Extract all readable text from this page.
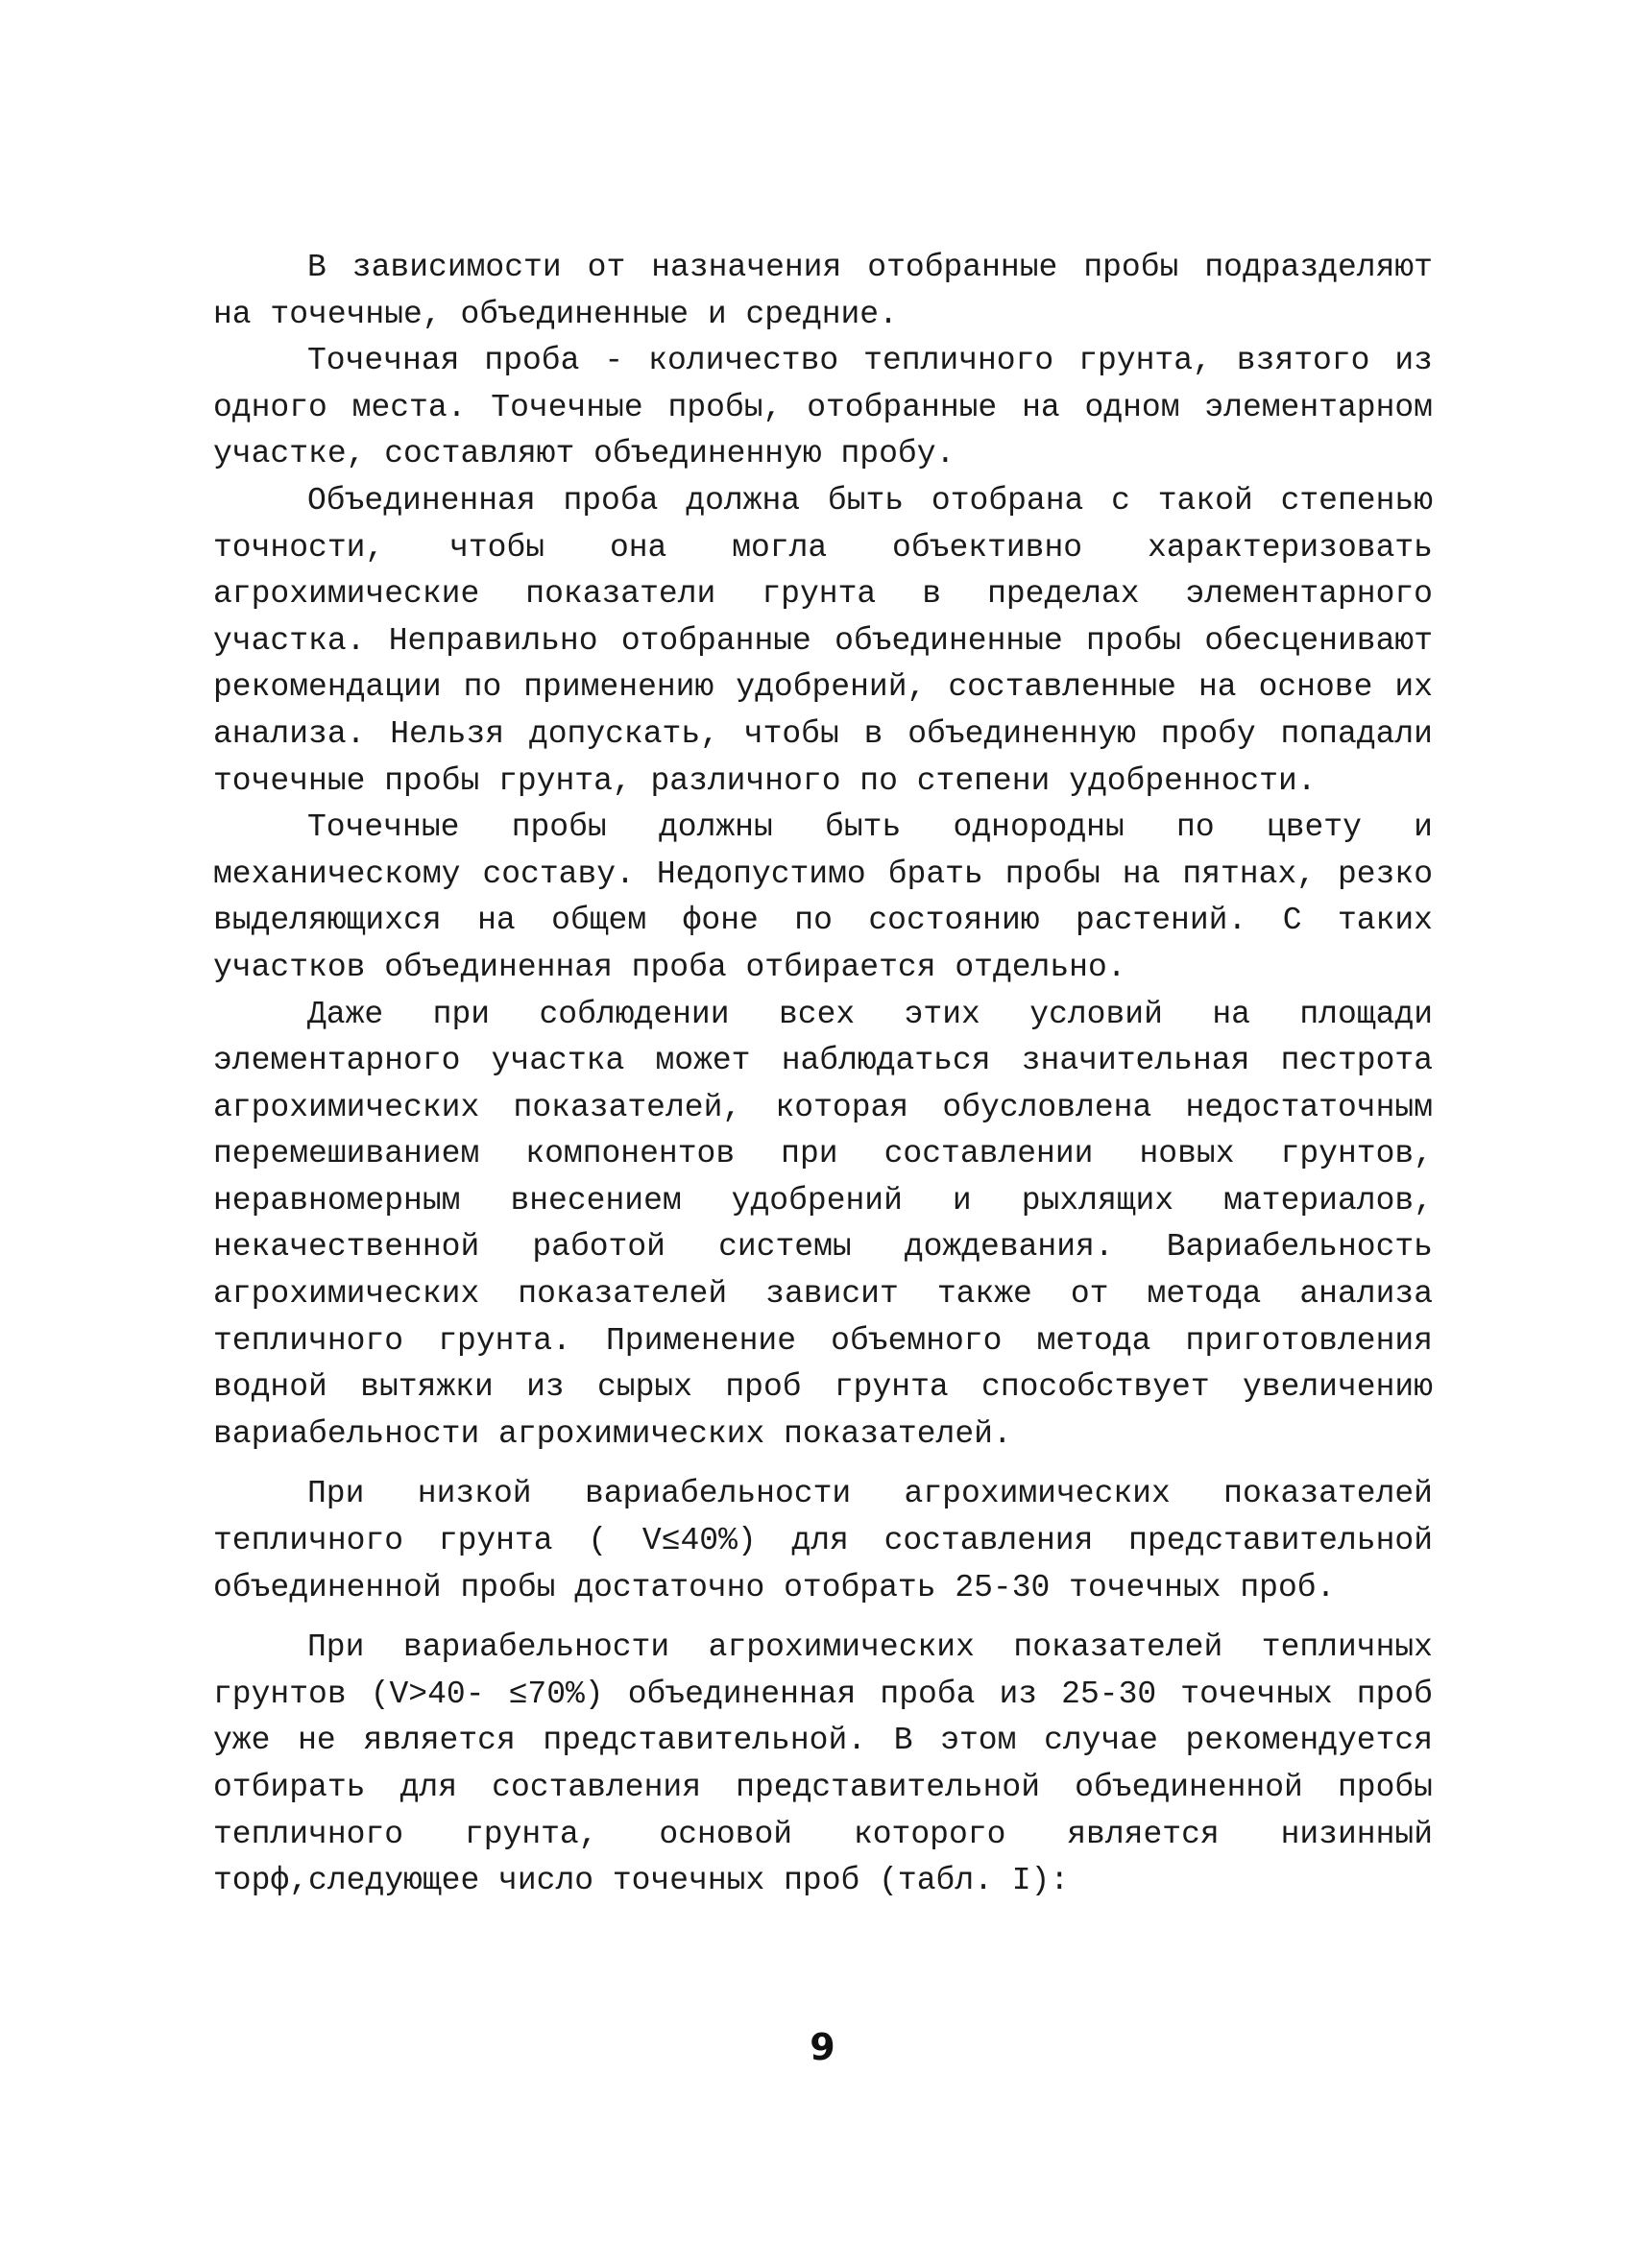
В зависимости от назначения отобранные пробы подразделяют на точечные, объединенные и средние.

Точечная проба - количество тепличного грунта, взятого из одного места. Точечные пробы, отобранные на одном элементарном участке, составляют объединенную пробу.

Объединенная проба должна быть отобрана с такой степенью точности, чтобы она могла объективно характеризовать агрохимические показатели грунта в пределах элементарного участка. Неправильно отобранные объединенные пробы обесценивают рекомендации по применению удобрений, составленные на основе их анализа. Нельзя допускать, чтобы в объединенную пробу попадали точечные пробы грунта, различного по степени удобренности.

Точечные пробы должны быть однородны по цвету и механическому составу. Недопустимо брать пробы на пятнах, резко выделяющихся на общем фоне по состоянию растений. С таких участков объединенная проба отбирается отдельно.

Даже при соблюдении всех этих условий на площади элементарного участка может наблюдаться значительная пестрота агрохимических показателей, которая обусловлена недостаточным перемешиванием компонентов при составлении новых грунтов, неравномерным внесением удобрений и рыхлящих материалов, некачественной работой системы дождевания. Вариабельность агрохимических показателей зависит также от метода анализа тепличного грунта. Применение объемного метода приготовления водной вытяжки из сырых проб грунта способствует увеличению вариабельности агрохимических показателей.

При низкой вариабельности агрохимических показателей тепличного грунта ( V≤40%) для составления представительной объединенной пробы достаточно отобрать 25-30 точечных проб.

При вариабельности агрохимических показателей тепличных грунтов (V>40- ≤70%) объединенная проба из 25-30 точечных проб уже не является представительной. В этом случае рекомендуется отбирать для составления представительной объединенной пробы тепличного грунта, основой которого является низинный торф,следующее число точечных проб (табл. I):

9
